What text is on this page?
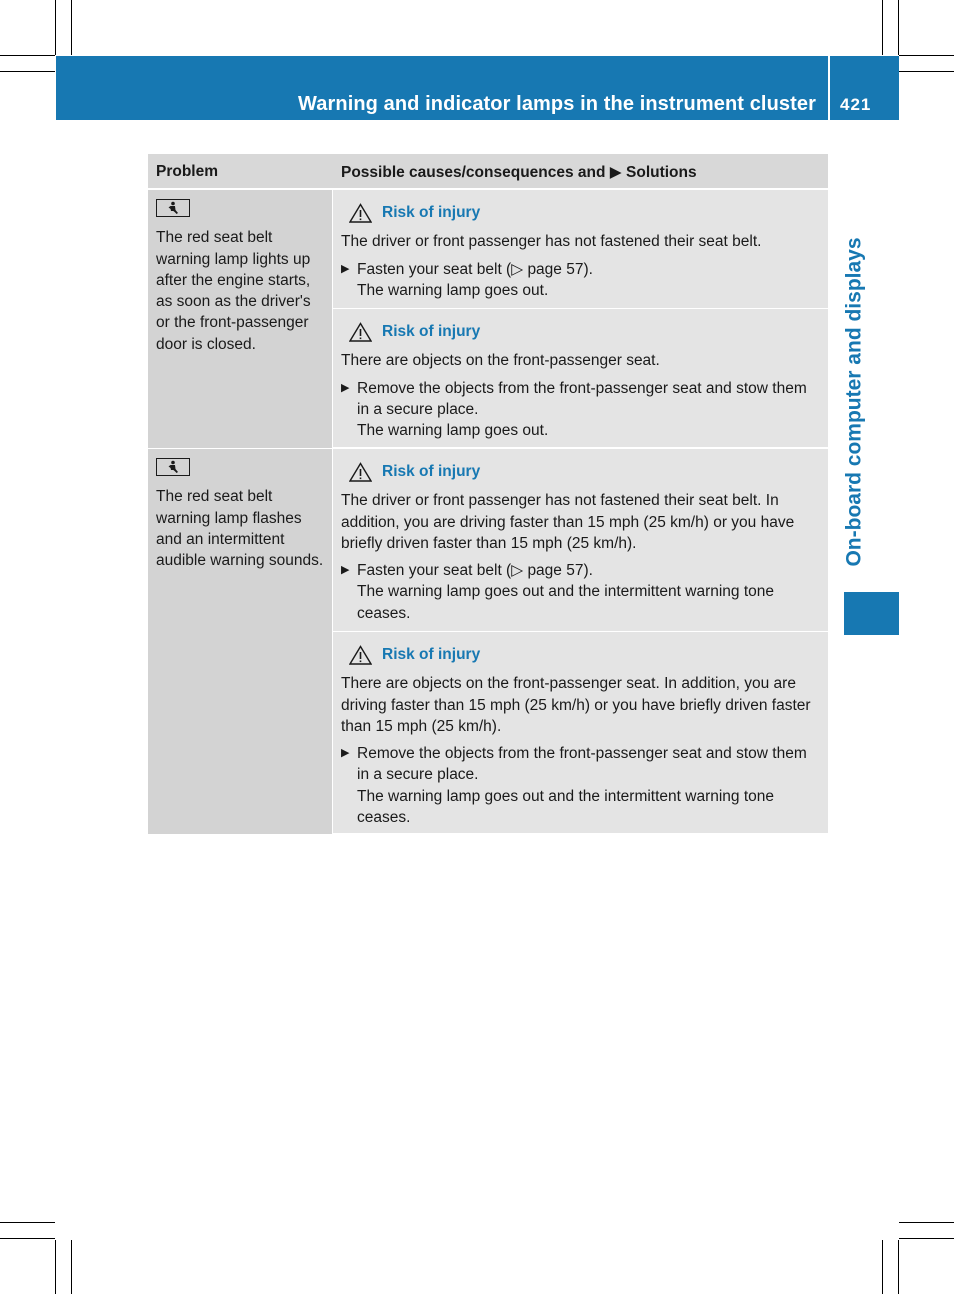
Warning and indicator lamps in the instrument cluster 421
On-board computer and displays
Problem	Possible causes/consequences and ▶ Solutions
The red seat belt warning lamp lights up after the engine starts, as soon as the driver's or the front-passenger door is closed.
Risk of injury
The driver or front passenger has not fastened their seat belt.
▶ Fasten your seat belt (▷ page 57).
The warning lamp goes out.
Risk of injury
There are objects on the front-passenger seat.
▶ Remove the objects from the front-passenger seat and stow them in a secure place.
The warning lamp goes out.
The red seat belt warning lamp flashes and an intermittent audible warning sounds.
Risk of injury
The driver or front passenger has not fastened their seat belt. In addition, you are driving faster than 15 mph (25 km/h) or you have briefly driven faster than 15 mph (25 km/h).
▶ Fasten your seat belt (▷ page 57).
The warning lamp goes out and the intermittent warning tone ceases.
Risk of injury
There are objects on the front-passenger seat. In addition, you are driving faster than 15 mph (25 km/h) or you have briefly driven faster than 15 mph (25 km/h).
▶ Remove the objects from the front-passenger seat and stow them in a secure place.
The warning lamp goes out and the intermittent warning tone ceases.
